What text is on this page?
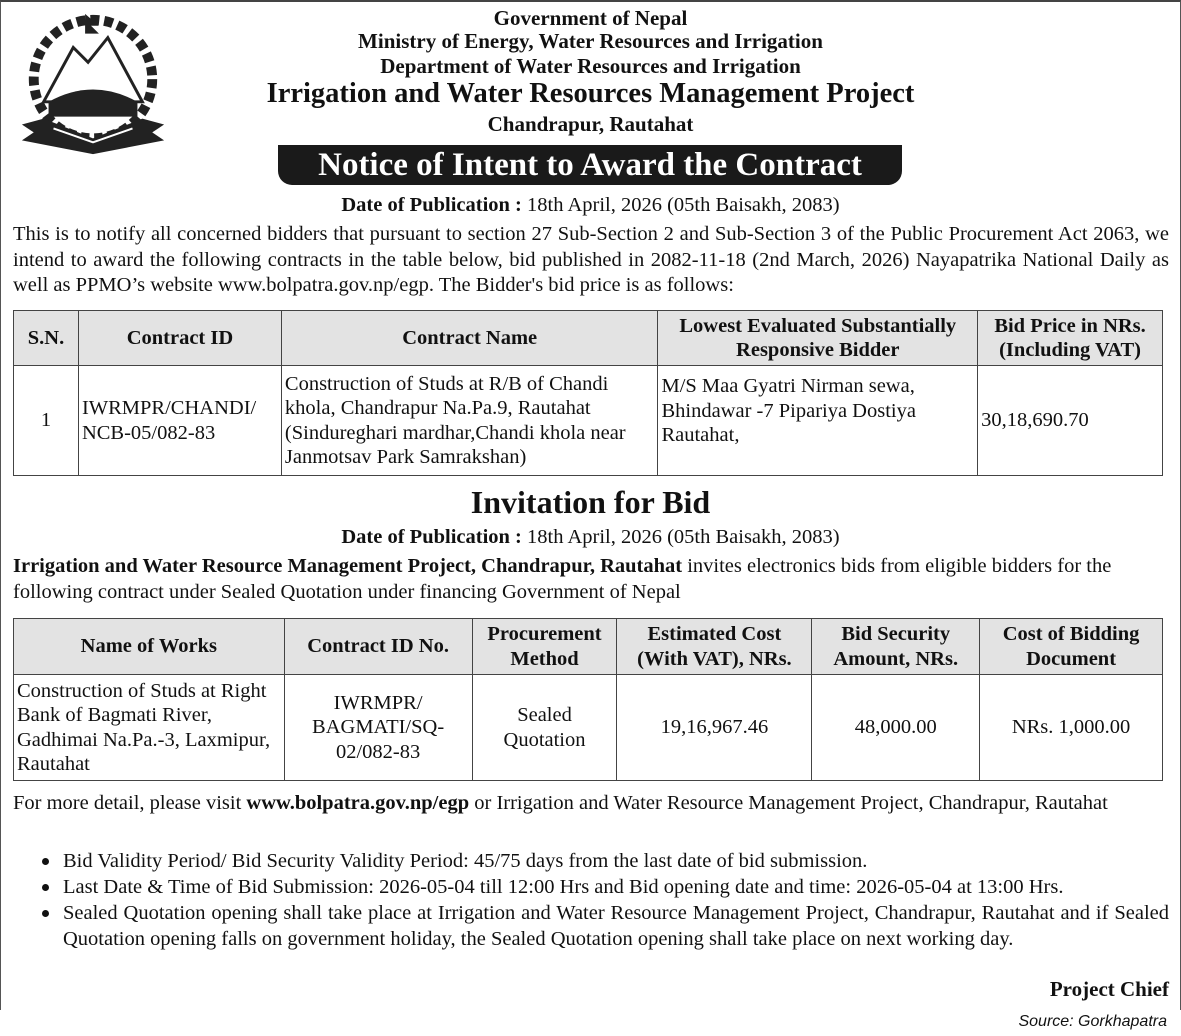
Government of Nepal
Ministry of Energy, Water Resources and Irrigation
Department of Water Resources and Irrigation
Irrigation and Water Resources Management Project
Chandrapur, Rautahat
Notice of Intent to Award the Contract
Date of Publication : 18th April, 2026 (05th Baisakh, 2083)
This is to notify all concerned bidders that pursuant to section 27 Sub-Section 2 and Sub-Section 3 of the Public Procurement Act 2063, we intend to award the following contracts in the table below, bid published in 2082-11-18 (2nd March, 2026) Nayapatrika National Daily as well as PPMO’s website www.bolpatra.gov.np/egp. The Bidder's bid price is as follows:
S.N.	Contract ID	Contract Name	Lowest Evaluated Substantially Responsive Bidder	Bid Price in NRs. (Including VAT)
1	IWRMPR/CHANDI/ NCB-05/082-83	Construction of Studs at R/B of Chandi khola, Chandrapur Na.Pa.9, Rautahat (Sindureghari mardhar,Chandi khola near Janmotsav Park Samrakshan)	M/S Maa Gyatri Nirman sewa, Bhindawar -7 Pipariya Dostiya Rautahat,	30,18,690.70
Invitation for Bid
Date of Publication : 18th April, 2026 (05th Baisakh, 2083)
Irrigation and Water Resource Management Project, Chandrapur, Rautahat invites electronics bids from eligible bidders for the following contract under Sealed Quotation under financing Government of Nepal
Name of Works	Contract ID No.	Procurement Method	Estimated Cost (With VAT), NRs.	Bid Security Amount, NRs.	Cost of Bidding Document
Construction of Studs at Right Bank of Bagmati River, Gadhimai Na.Pa.-3, Laxmipur, Rautahat	IWRMPR/ BAGMATI/SQ-02/082-83	Sealed Quotation	19,16,967.46	48,000.00	NRs. 1,000.00
For more detail, please visit www.bolpatra.gov.np/egp or Irrigation and Water Resource Management Project, Chandrapur, Rautahat
Bid Validity Period/ Bid Security Validity Period: 45/75 days from the last date of bid submission.
Last Date & Time of Bid Submission: 2026-05-04 till 12:00 Hrs and Bid opening date and time: 2026-05-04 at 13:00 Hrs.
Sealed Quotation opening shall take place at Irrigation and Water Resource Management Project, Chandrapur, Rautahat and if Sealed Quotation opening falls on government holiday, the Sealed Quotation opening shall take place on next working day.
Project Chief
Source: Gorkhapatra
